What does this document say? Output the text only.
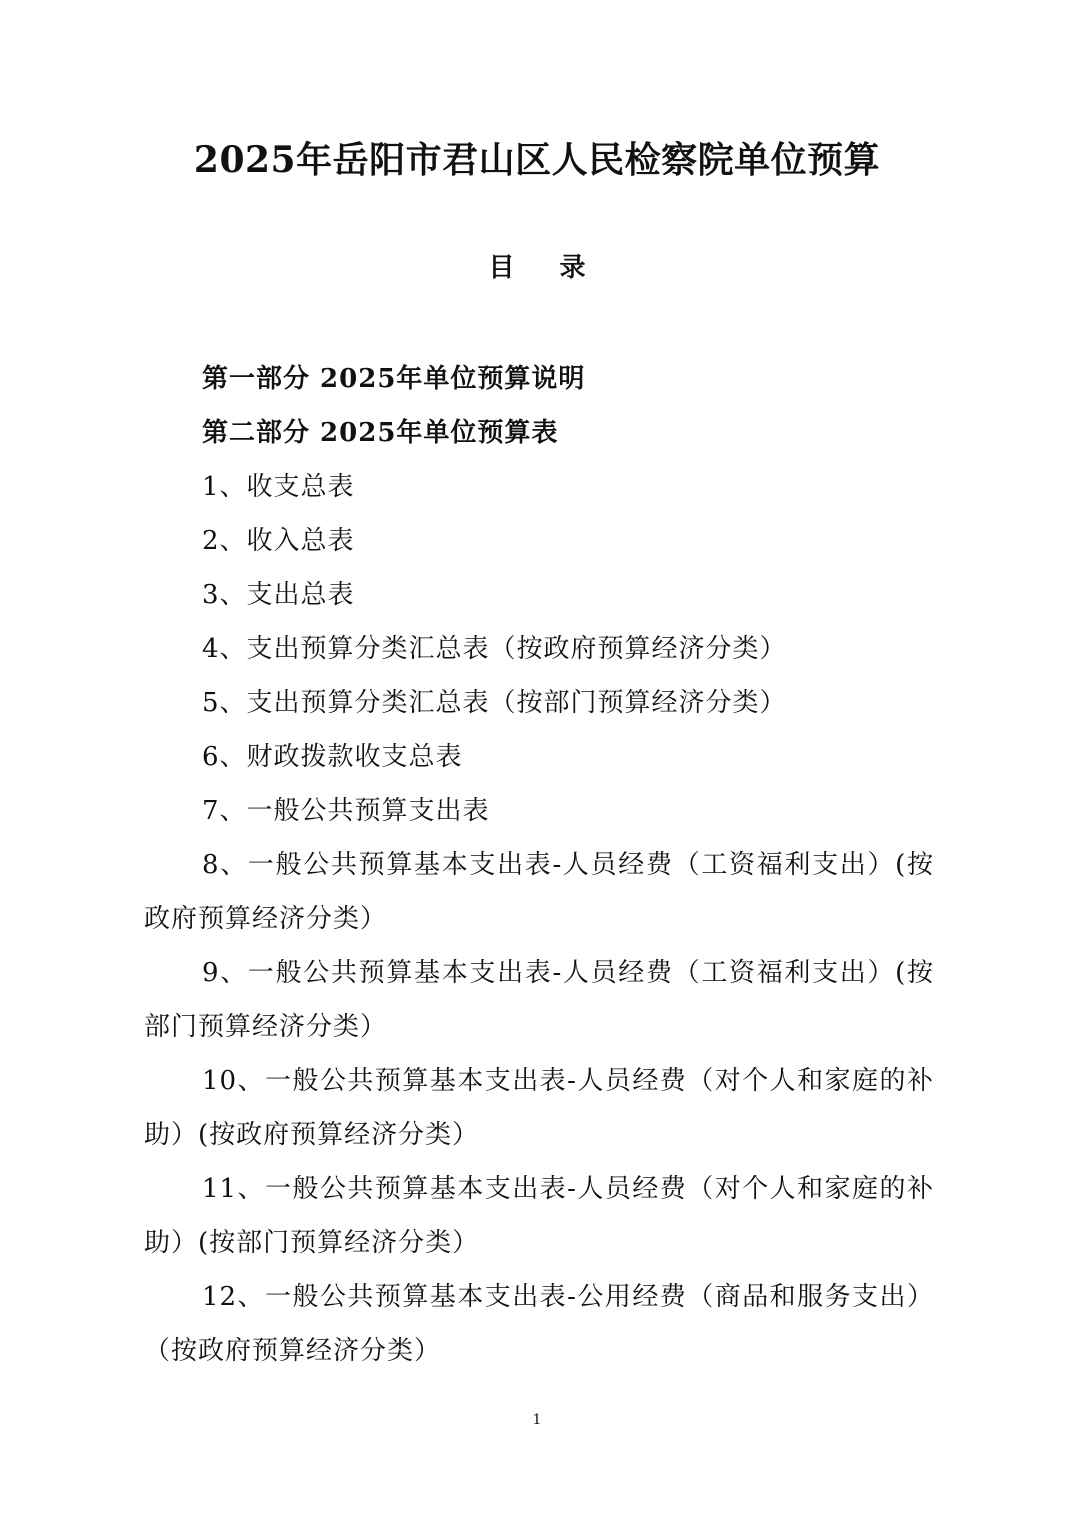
2025年岳阳市君山区人民检察院单位预算
目 录

第一部分 2025年单位预算说明

第二部分 2025年单位预算表

1、收支总表

2、收入总表

3、支出总表

4、支出预算分类汇总表（按政府预算经济分类）

5、支出预算分类汇总表（按部门预算经济分类）

6、财政拨款收支总表

7、一般公共预算支出表

8、一般公共预算基本支出表-人员经费（工资福利支出）(按政府预算经济分类）

9、一般公共预算基本支出表-人员经费（工资福利支出）(按部门预算经济分类）

10、一般公共预算基本支出表-人员经费（对个人和家庭的补助）(按政府预算经济分类）

11、一般公共预算基本支出表-人员经费（对个人和家庭的补助）(按部门预算经济分类）

12、一般公共预算基本支出表-公用经费（商品和服务支出）（按政府预算经济分类）

1
